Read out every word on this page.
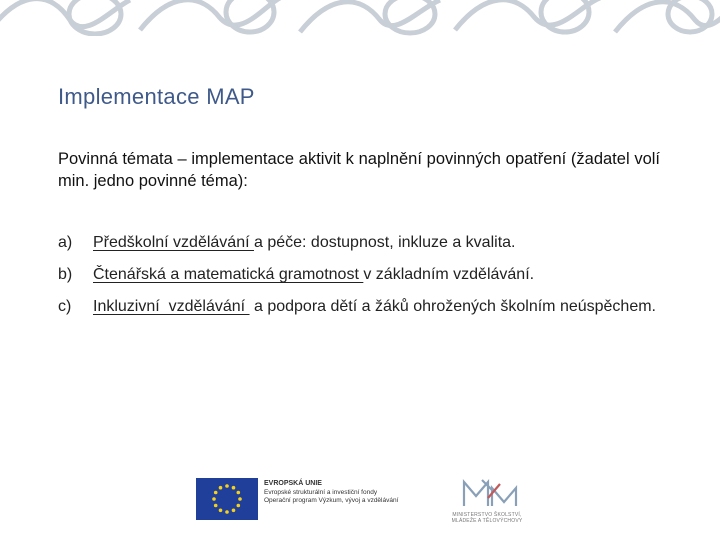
Implementace MAP
Povinná témata – implementace aktivit k naplnění povinných opatření (žadatel volí min. jedno povinné téma):
a)	Předškolní vzdělávání a péče: dostupnost, inkluze a kvalita.
b)	Čtenářská a matematická gramotnost v základním vzdělávání.
c)	Inkluzivní  vzdělávání  a podpora dětí a žáků ohrožených školním neúspěchem.
EVROPSKÁ UNIE
Evropské strukturální a investiční fondy
Operační program Výzkum, vývoj a vzdělávání
MINISTERSTVO ŠKOLSTVÍ, MLÁDEŽE A TĚLOVÝCHOVY
